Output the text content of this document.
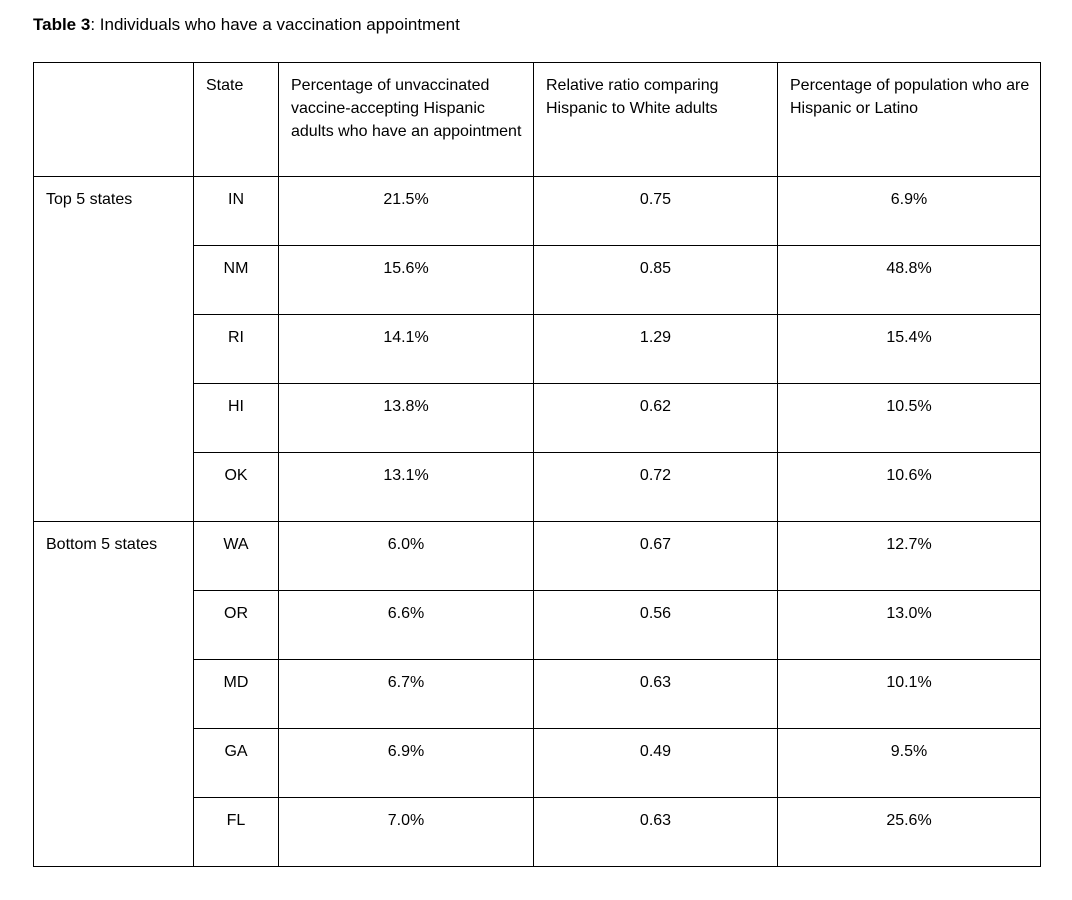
Table 3: Individuals who have a vaccination appointment

	State	Percentage of unvaccinated vaccine-accepting Hispanic adults who have an appointment	Relative ratio comparing Hispanic to White adults	Percentage of population who are Hispanic or Latino
Top 5 states	IN	21.5%	0.75	6.9%
	NM	15.6%	0.85	48.8%
	RI	14.1%	1.29	15.4%
	HI	13.8%	0.62	10.5%
	OK	13.1%	0.72	10.6%
Bottom 5 states	WA	6.0%	0.67	12.7%
	OR	6.6%	0.56	13.0%
	MD	6.7%	0.63	10.1%
	GA	6.9%	0.49	9.5%
	FL	7.0%	0.63	25.6%
